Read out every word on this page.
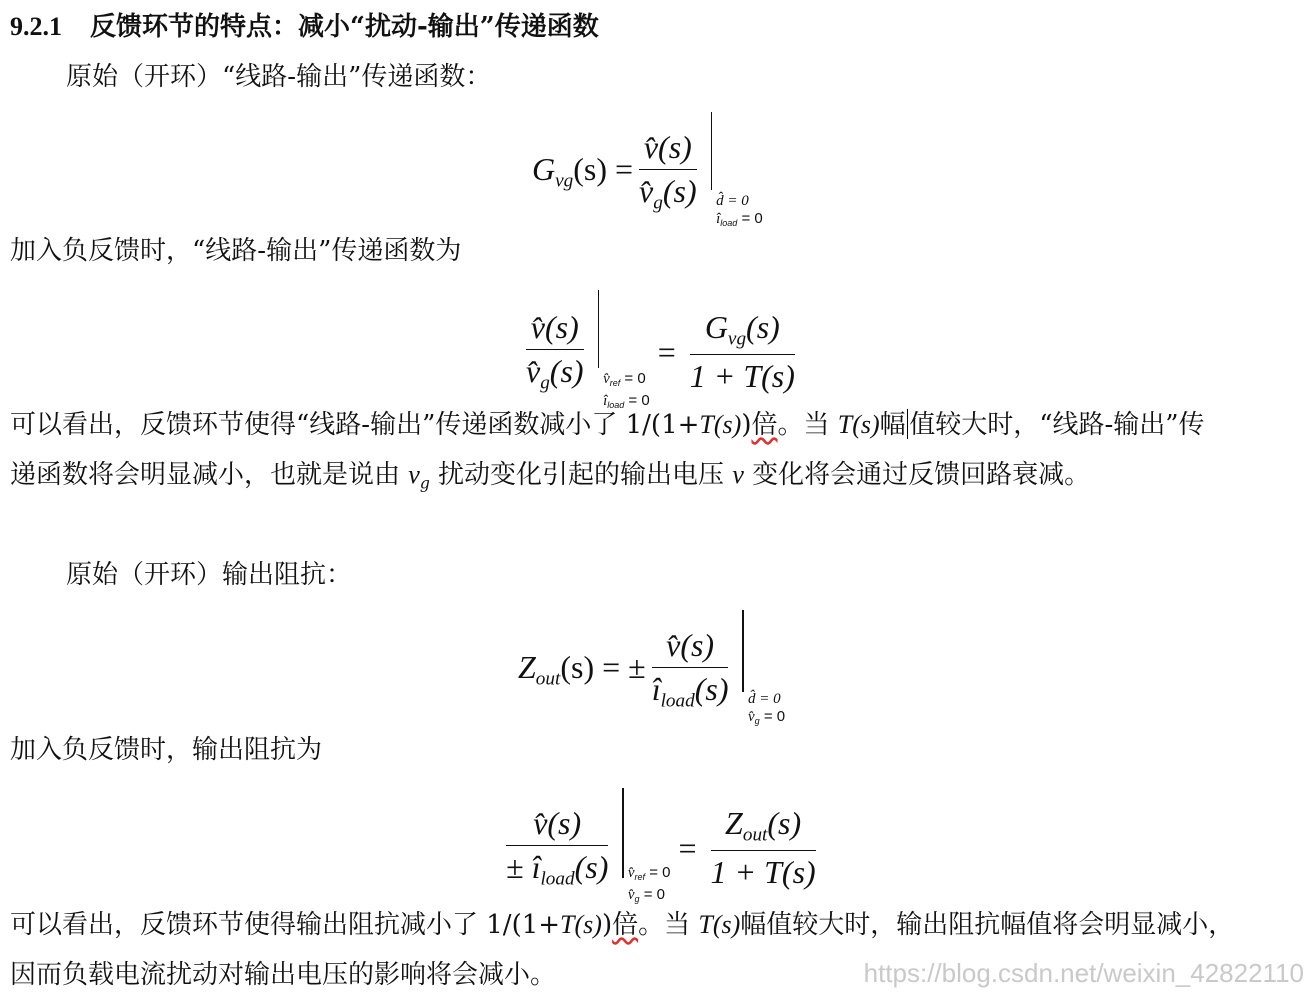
9.2.1 反馈环节的特点：减小“扰动-输出”传递函数
原始（开环）“线路-输出”传递函数：
$G_{vg}(s) = \frac{v̂(s)}{v̂_g(s)}$ d̂ = 0
$î_{load} = 0$
加入负反馈时，“线路-输出”传递函数为
$\frac{v̂(s)}{v̂_g(s)}$ $v̂_{ref} = 0$
$î_{load} = 0$
= $\frac{G_{vg}(s)}{1 + T(s)}$
可以看出，反馈环节使得“线路-输出”传递函数减小了 1/(1+T(s))倍。当 T(s)幅 值较大时，“线路-输出”传
递函数将会明显减小，也就是说由 $v_g$ 扰动变化引起的输出电压 v 变化将会通过反馈回路衰减。
原始（开环）输出阻抗：
$Z_{out}(s)$ = ± $\frac{v̂(s)}{î_{load}(s)}$ d̂ = 0
$v̂_g = 0$
加入负反馈时，输出阻抗为
$\frac{v̂(s)}{\pm î_{load}(s)}$ $v̂_{ref} = 0$
$v̂_g = 0$
= $\frac{Z_{out}(s)}{1 + T(s)}$
可以看出，反馈环节使得输出阻抗减小了 1/(1+T(s))倍。当 T(s)幅值较大时，输出阻抗幅值将会明显减小，
因而负载电流扰动对输出电压的影响将会减小。	https://blog.csdn.net/weixin_42822110
